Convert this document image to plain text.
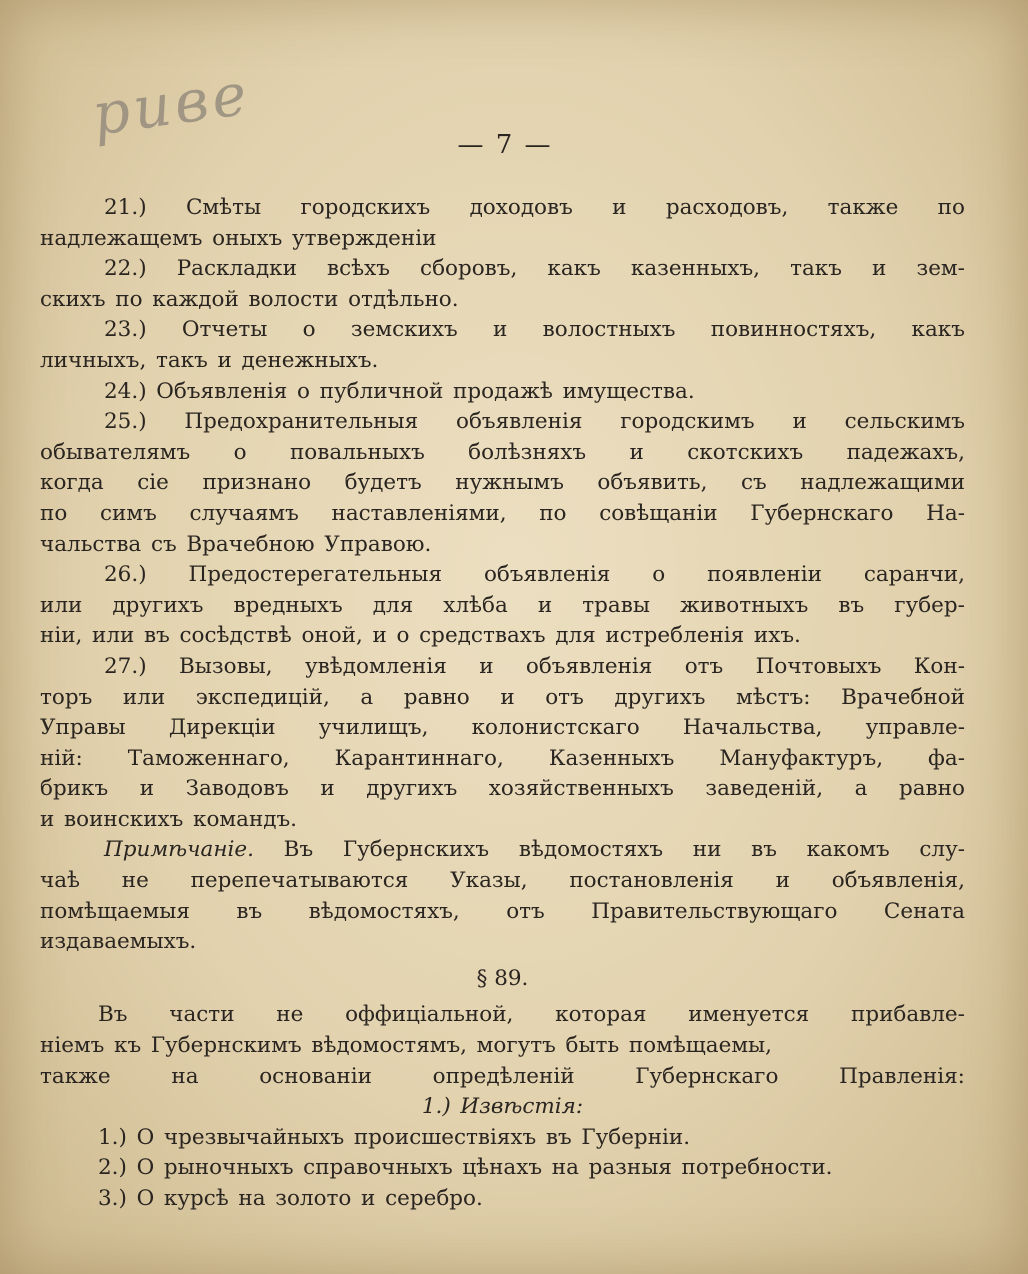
риве	— 7 —
21.) Смѣты городскихъ доходовъ и расходовъ, также по
надлежащемъ оныхъ утвержденіи
22.) Раскладки всѣхъ сборовъ, какъ казенныхъ, такъ и зем-
скихъ по каждой волости отдѣльно.
23.) Отчеты о земскихъ и волостныхъ повинностяхъ, какъ
личныхъ, такъ и денежныхъ.
24.) Объявленія о публичной продажѣ имущества.
25.) Предохранительныя объявленія городскимъ и сельскимъ
обывателямъ о повальныхъ болѣзняхъ и скотскихъ падежахъ,
когда сіе признано будетъ нужнымъ объявить, съ надлежащими
по симъ случаямъ наставленіями, по совѣщаніи Губернскаго На-
чальства съ Врачебною Управою.
26.) Предостерегательныя объявленія о появленіи саранчи,
или другихъ вредныхъ для хлѣба и травы животныхъ въ губер-
ніи, или въ сосѣдствѣ оной, и о средствахъ для истребленія ихъ.
27.) Вызовы, увѣдомленія и объявленія отъ Почтовыхъ Кон-
торъ или экспедицій, а равно и отъ другихъ мѣстъ: Врачебной
Управы Дирекціи училищъ, колонистскаго Начальства, управле-
ній: Таможеннаго, Карантиннаго, Казенныхъ Мануфактуръ, фа-
брикъ и Заводовъ и другихъ хозяйственныхъ заведеній, а равно
и воинскихъ командъ.
Примѣчаніе. Въ Губернскихъ вѣдомостяхъ ни въ какомъ слу-
чаѣ не перепечатываются Указы, постановленія и объявленія,
помѣщаемыя въ вѣдомостяхъ, отъ Правительствующаго Сената
издаваемыхъ.
§ 89.
Въ части не оффиціальной, которая именуется прибавле-
ніемъ къ Губернскимъ вѣдомостямъ, могутъ быть помѣщаемы,
также	на	основаніи	опредѣленій	Губернскаго	Правленія:
1.) Извѣстія:
1.) О чрезвычайныхъ происшествіяхъ въ Губерніи.
2.) О рыночныхъ справочныхъ цѣнахъ на разныя потребности.
3.) О курсѣ на золото и серебро.
